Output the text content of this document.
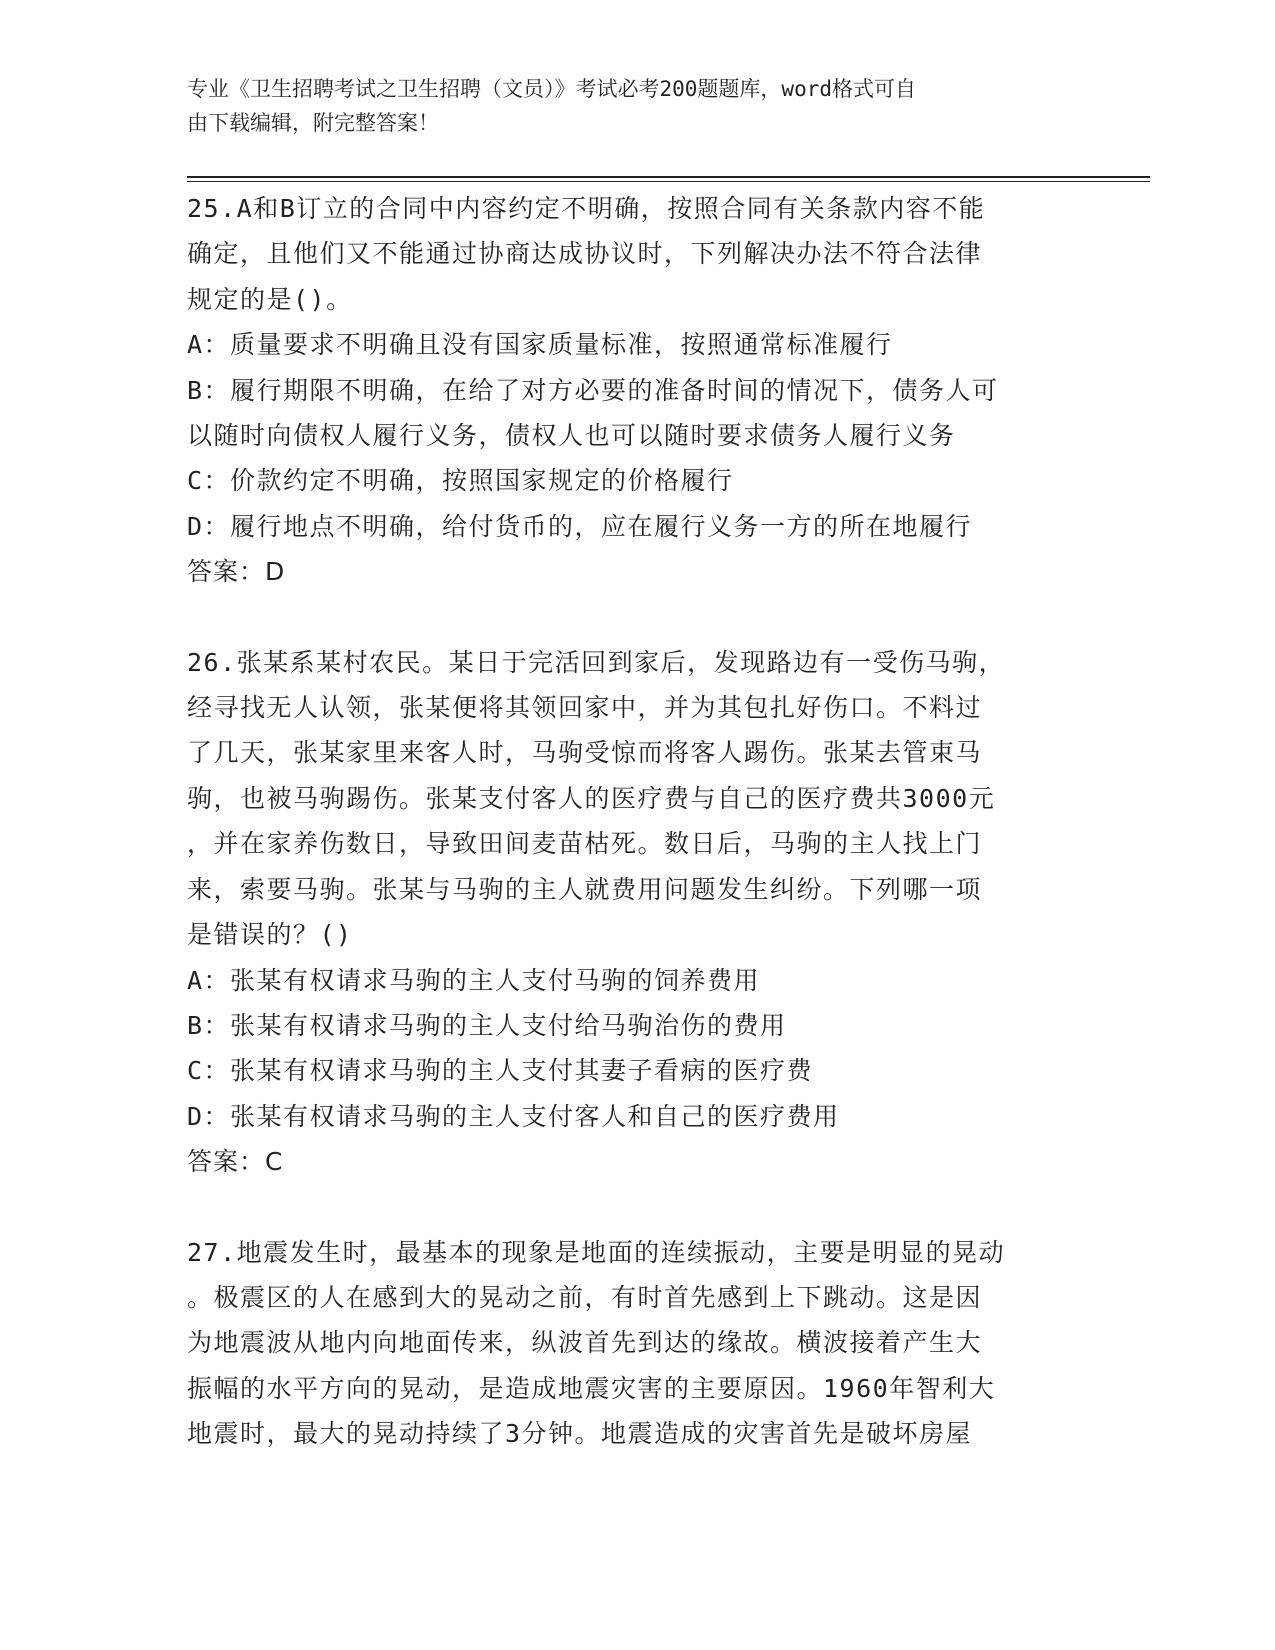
专业《卫生招聘考试之卫生招聘（文员）》考试必考200题题库，word格式可自
由下载编辑，附完整答案！

25.A和B订立的合同中内容约定不明确，按照合同有关条款内容不能

确定，且他们又不能通过协商达成协议时，下列解决办法不符合法律

规定的是()。

A：质量要求不明确且没有国家质量标准，按照通常标准履行

B：履行期限不明确，在给了对方必要的准备时间的情况下，债务人可

以随时向债权人履行义务，债权人也可以随时要求债务人履行义务

C：价款约定不明确，按照国家规定的价格履行

D：履行地点不明确，给付货币的，应在履行义务一方的所在地履行

答案：D

26.张某系某村农民。某日于完活回到家后，发现路边有一受伤马驹，

经寻找无人认领，张某便将其领回家中，并为其包扎好伤口。不料过

了几天，张某家里来客人时，马驹受惊而将客人踢伤。张某去管束马

驹，也被马驹踢伤。张某支付客人的医疗费与自己的医疗费共3000元

，并在家养伤数日，导致田间麦苗枯死。数日后，马驹的主人找上门

来，索要马驹。张某与马驹的主人就费用问题发生纠纷。下列哪一项

是错误的？()

A：张某有权请求马驹的主人支付马驹的饲养费用

B：张某有权请求马驹的主人支付给马驹治伤的费用

C：张某有权请求马驹的主人支付其妻子看病的医疗费

D：张某有权请求马驹的主人支付客人和自己的医疗费用

答案：C

27.地震发生时，最基本的现象是地面的连续振动，主要是明显的晃动

。极震区的人在感到大的晃动之前，有时首先感到上下跳动。这是因

为地震波从地内向地面传来，纵波首先到达的缘故。横波接着产生大

振幅的水平方向的晃动，是造成地震灾害的主要原因。1960年智利大

地震时，最大的晃动持续了3分钟。地震造成的灾害首先是破坏房屋
